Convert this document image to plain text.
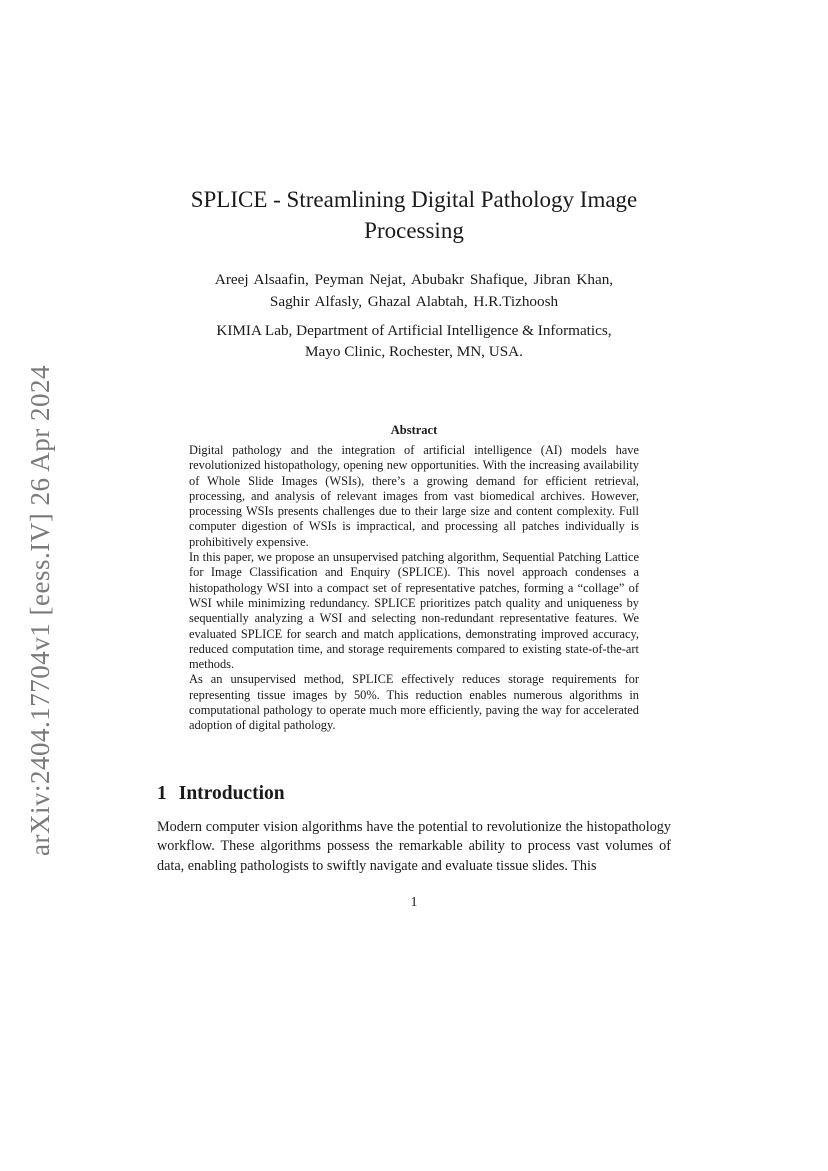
arXiv:2404.17704v1 [eess.IV] 26 Apr 2024
SPLICE - Streamlining Digital Pathology Image Processing
Areej Alsaafin, Peyman Nejat, Abubakr Shafique, Jibran Khan,
Saghir Alfasly, Ghazal Alabtah, H.R.Tizhoosh
KIMIA Lab, Department of Artificial Intelligence & Informatics,
Mayo Clinic, Rochester, MN, USA.
Abstract

Digital pathology and the integration of artificial intelligence (AI) models have revolutionized histopathology, opening new opportunities. With the increasing availability of Whole Slide Images (WSIs), there’s a growing demand for efficient retrieval, processing, and analysis of relevant images from vast biomedical archives. However, processing WSIs presents challenges due to their large size and content complexity. Full computer digestion of WSIs is impractical, and processing all patches individually is prohibitively expensive.

In this paper, we propose an unsupervised patching algorithm, Sequential Patching Lattice for Image Classification and Enquiry (SPLICE). This novel approach condenses a histopathology WSI into a compact set of representative patches, forming a “collage” of WSI while minimizing redundancy. SPLICE prioritizes patch quality and uniqueness by sequentially analyzing a WSI and selecting non-redundant representative features. We evaluated SPLICE for search and match applications, demonstrating improved accuracy, reduced computation time, and storage requirements compared to existing state-of-the-art methods.

As an unsupervised method, SPLICE effectively reduces storage requirements for representing tissue images by 50%. This reduction enables numerous algorithms in computational pathology to operate much more efficiently, paving the way for accelerated adoption of digital pathology.

1 Introduction

Modern computer vision algorithms have the potential to revolutionize the histopathology workflow. These algorithms possess the remarkable ability to process vast volumes of data, enabling pathologists to swiftly navigate and evaluate tissue slides. This

1
